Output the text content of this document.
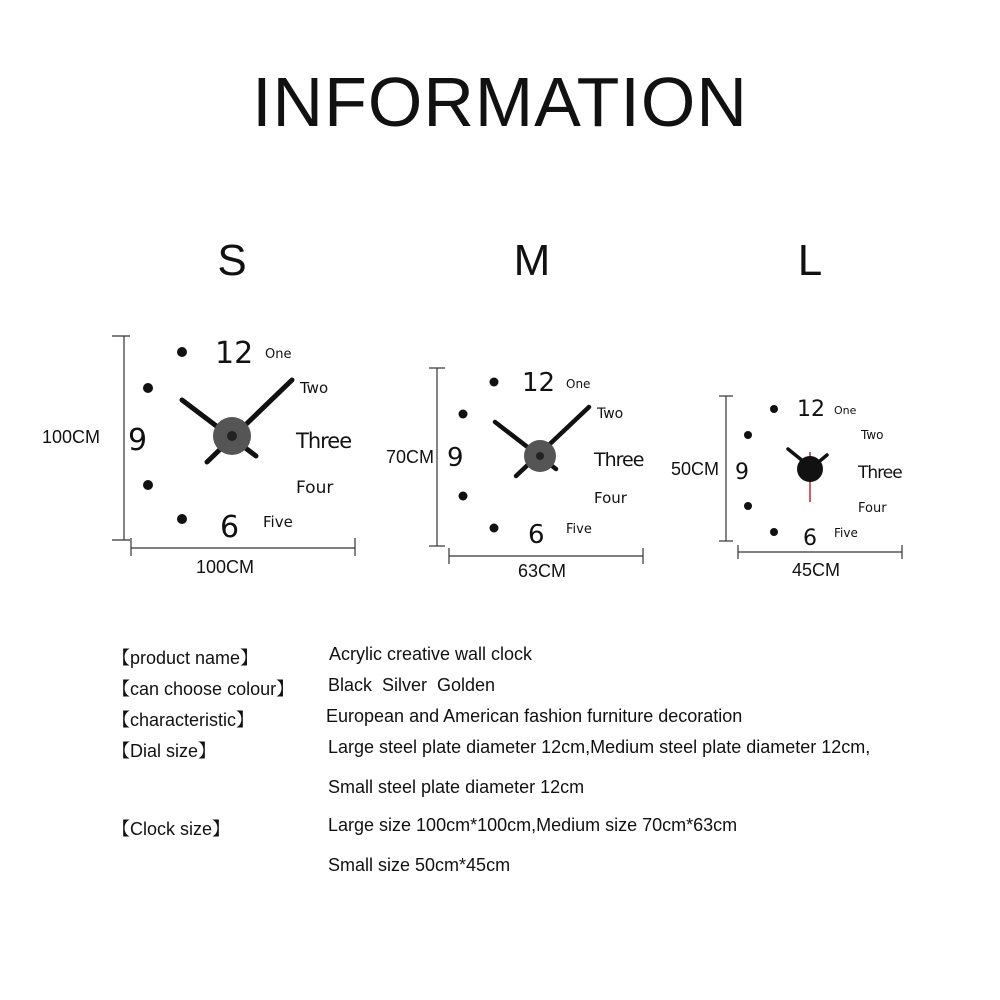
INFORMATION
S	M	L
12
9
6
One
Two
Three
Four
Five
12
9
6
One
Two
Three
Four
Five
12
9
6
One
Two
Three
Four
Five
100CM
100CM
70CM
63CM
50CM
45CM
【product name】	Acrylic creative wall clock
【can choose colour】 Black  Silver  Golden
【characteristic】	European and American fashion furniture decoration
【Dial size】	Large steel plate diameter 12cm,Medium steel plate diameter 12cm,
Small steel plate diameter 12cm
【Clock size】	Large size 100cm*100cm,Medium size 70cm*63cm
Small size 50cm*45cm
